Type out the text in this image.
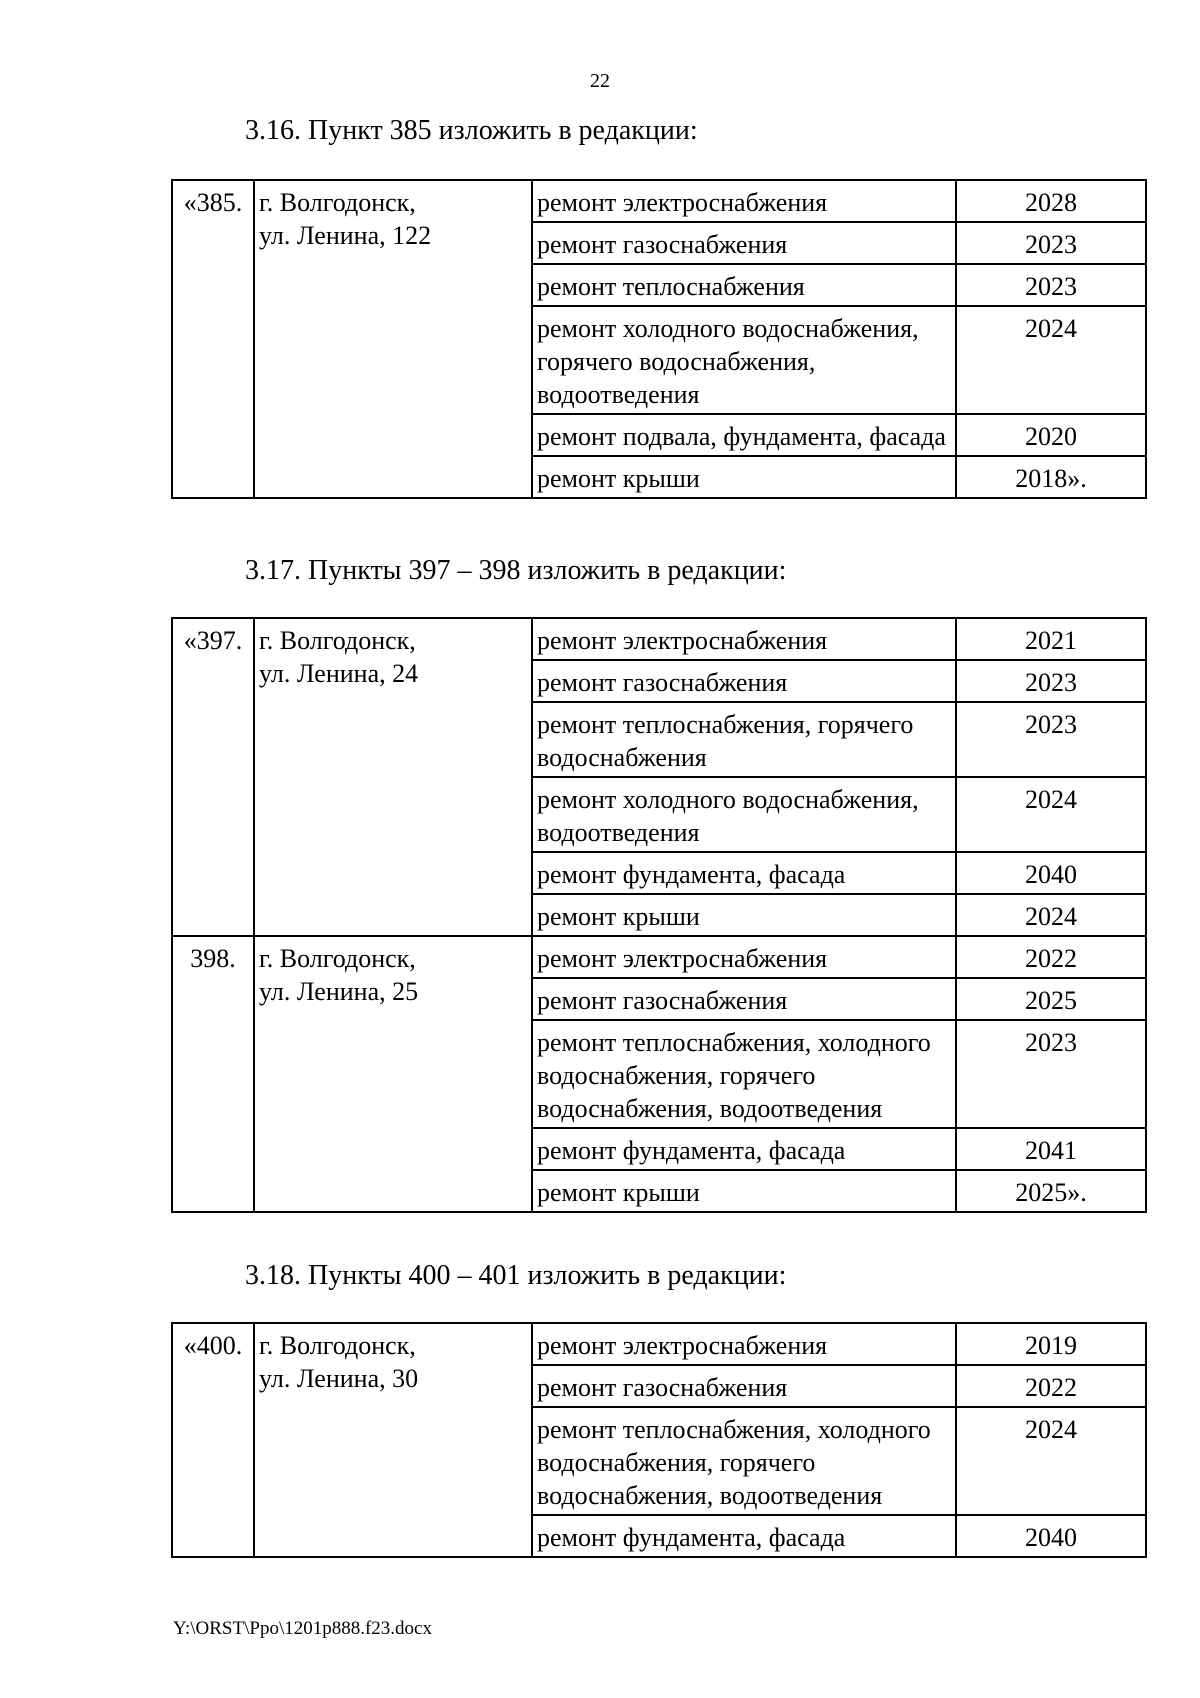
22
3.16. Пункт 385 изложить в редакции:
«385.	г. Волгодонск,
ул. Ленина, 122	ремонт электроснабжения	2028
		ремонт газоснабжения	2023
		ремонт теплоснабжения	2023
		ремонт холодного водоснабжения, горячего водоснабжения, водоотведения	2024
		ремонт подвала, фундамента, фасада	2020
		ремонт крыши	2018».
3.17. Пункты 397 – 398 изложить в редакции:
«397.	г. Волгодонск,
ул. Ленина, 24	ремонт электроснабжения	2021
		ремонт газоснабжения	2023
		ремонт теплоснабжения, горячего водоснабжения	2023
		ремонт холодного водоснабжения, водоотведения	2024
		ремонт фундамента, фасада	2040
		ремонт крыши	2024
398.	г. Волгодонск,
ул. Ленина, 25	ремонт электроснабжения	2022
		ремонт газоснабжения	2025
		ремонт теплоснабжения, холодного водоснабжения, горячего водоснабжения, водоотведения	2023
		ремонт фундамента, фасада	2041
		ремонт крыши	2025».
3.18. Пункты 400 – 401 изложить в редакции:
«400.	г. Волгодонск,
ул. Ленина, 30	ремонт электроснабжения	2019
		ремонт газоснабжения	2022
		ремонт теплоснабжения, холодного водоснабжения, горячего водоснабжения, водоотведения	2024
		ремонт фундамента, фасада	2040
Y:\ORST\Ppo\1201p888.f23.docx
